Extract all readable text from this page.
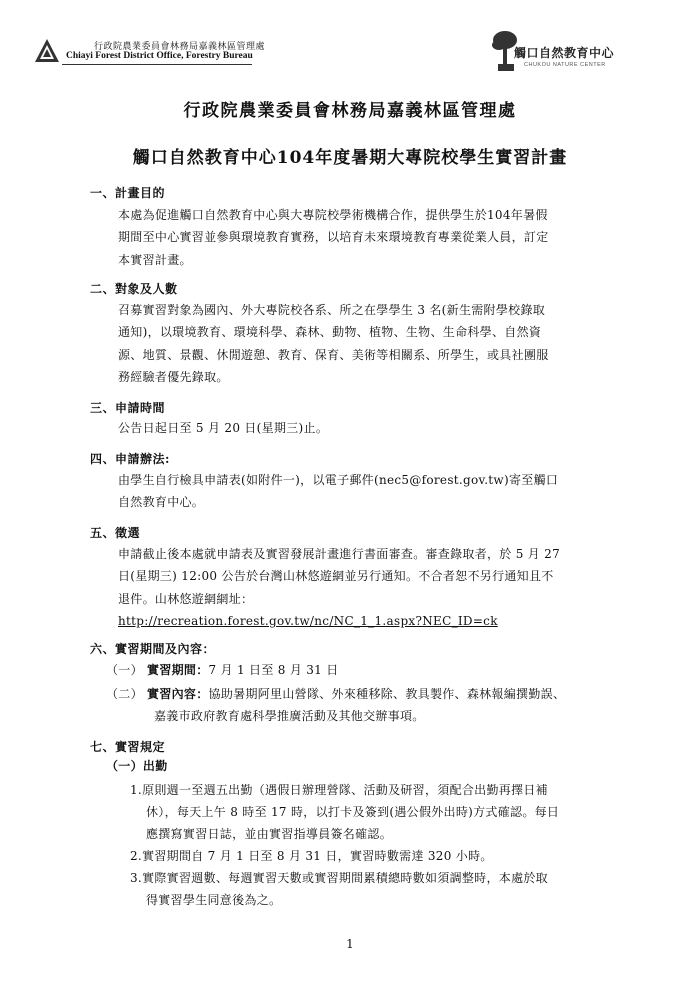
行政院農業委員會林務局嘉義林區管理處
Chiayi Forest District Office, Forestry Bureau	觸口自然教育中心
CHUKOU NATURE CENTER
行政院農業委員會林務局嘉義林區管理處
觸口自然教育中心104年度暑期大專院校學生實習計畫
一、計畫目的
本處為促進觸口自然教育中心與大專院校學術機構合作，提供學生於104年暑假
期間至中心實習並參與環境教育實務，以培育未來環境教育專業從業人員，訂定
本實習計畫。
二、對象及人數
召募實習對象為國內、外大專院校各系、所之在學學生 3 名(新生需附學校錄取
通知)，以環境教育、環境科學、森林、動物、植物、生物、生命科學、自然資
源、地質、景觀、休閒遊憩、教育、保育、美術等相關系、所學生，或具社團服
務經驗者優先錄取。
三、申請時間
公告日起日至 5 月 20 日(星期三)止。
四、申請辦法:
由學生自行檢具申請表(如附件一)，以電子郵件(nec5@forest.gov.tw)寄至觸口
自然教育中心。
五、徵選
申請截止後本處就申請表及實習發展計畫進行書面審查。審查錄取者，於 5 月 27
日(星期三) 12:00 公告於台灣山林悠遊網並另行通知。不合者恕不另行通知且不
退件。山林悠遊網網址：
http://recreation.forest.gov.tw/nc/NC_1_1.aspx?NEC_ID=ck
六、實習期間及內容：
（一） 實習期間：7 月 1 日至 8 月 31 日
（二） 實習內容：協助暑期阿里山營隊、外來種移除、教具製作、森林報編撰勤誤、
嘉義市政府教育處科學推廣活動及其他交辦事項。
七、實習規定
（一）出勤
1.原則週一至週五出勤（遇假日辦理營隊、活動及研習，須配合出勤再擇日補
休），每天上午 8 時至 17 時，以打卡及簽到(遇公假外出時)方式確認。每日
應撰寫實習日誌，並由實習指導員簽名確認。
2.實習期間自 7 月 1 日至 8 月 31 日，實習時數需達 320 小時。
3.實際實習週數、每週實習天數或實習期間累積總時數如須調整時，本處於取
得實習學生同意後為之。
1
